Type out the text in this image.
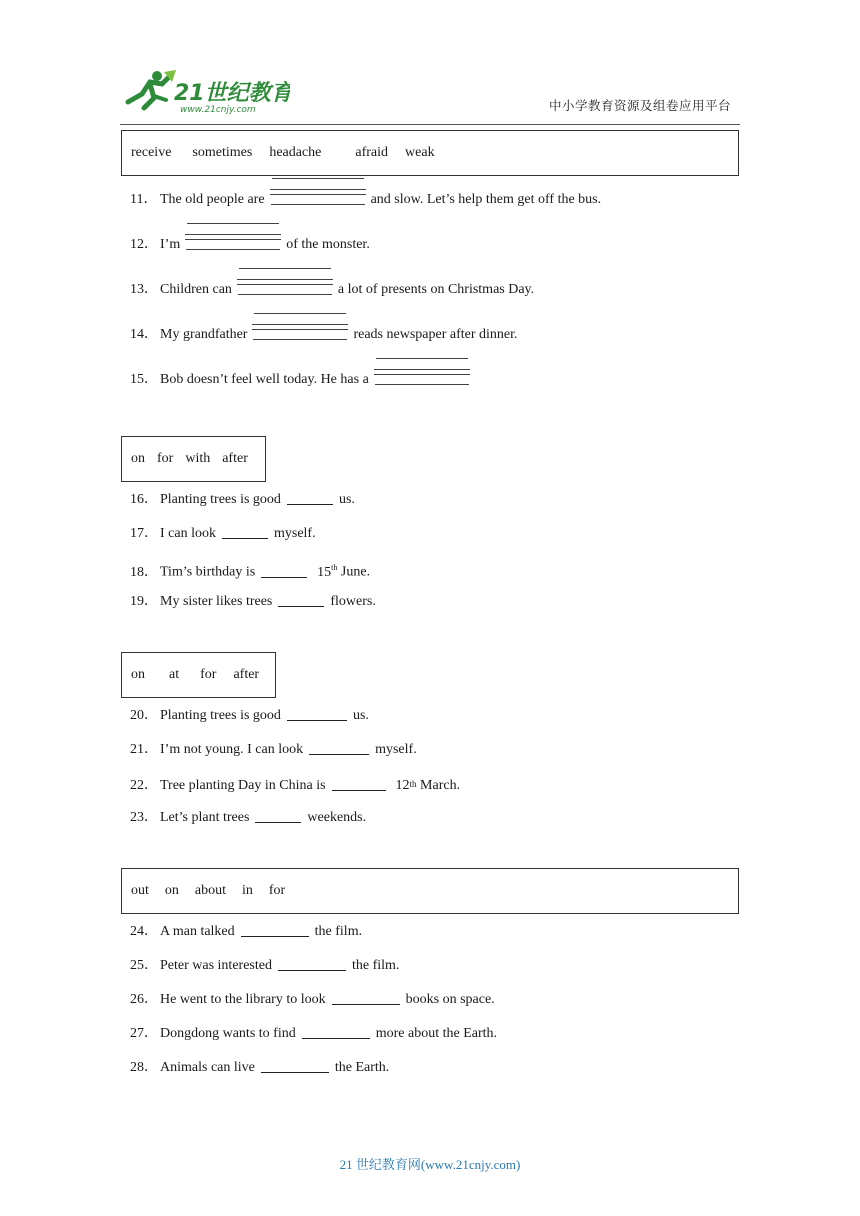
21世纪教育
www.21cnjy.com	中小学教育资源及组卷应用平台
receive sometimes headache afraid weak
11． The old people are	and slow. Let’s help them get off the bus.
12． I’m	of the monster.
13． Children can	a lot of presents on Christmas Day.
14． My grandfather	reads newspaper after dinner.
15． Bob doesn’t feel well today. He has a
on for with after
16． Planting trees is good	us.
17． I can look	myself.
18． Tim’s birthday is	15th June.
19． My sister likes trees	flowers.
on at for after
20． Planting trees is good	us.
21． I’m not young. I can look	myself.
22． Tree planting Day in China is	12th March.
23． Let’s plant trees	weekends.
out on about in for
24． A man talked	the film.
25． Peter was interested	the film.
26． He went to the library to look	books on space.
27． Dongdong wants to find	more about the Earth.
28． Animals can live	the Earth.
21 世纪教育网(www.21cnjy.com)
